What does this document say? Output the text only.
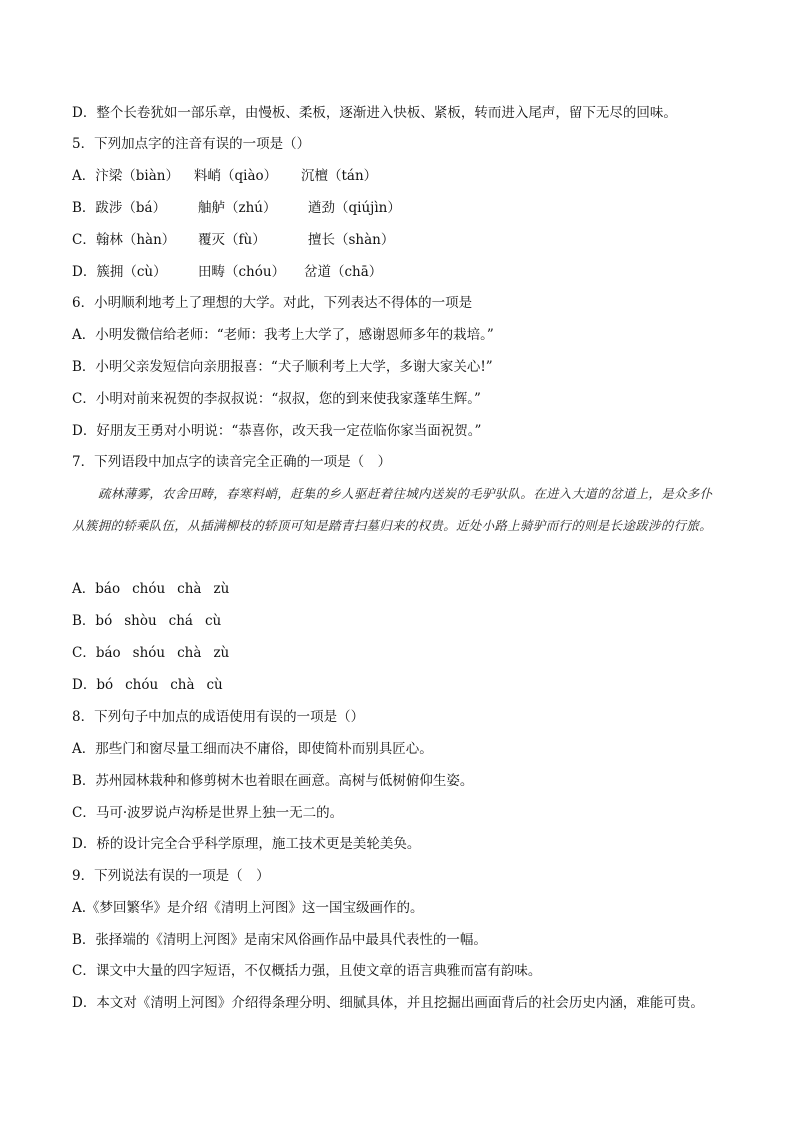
D．整个长卷犹如一部乐章，由慢板、柔板，逐渐进入快板、紧板，转而进入尾声，留下无尽的回味。
5．下列加点字的注音有误的一项是（）
A．汴梁（biàn） 料峭（qiào） 沉檀（tán）
B．跋涉（bá） 舳舻（zhú） 遒劲（qiújìn）
C．翰林（hàn） 覆灭（fù）	擅长（shàn）
D．簇拥（cù） 田畴（chóu） 岔道（chā）
6．小明顺利地考上了理想的大学。对此，下列表达不得体的一项是
A．小明发微信给老师：“老师：我考上大学了，感谢恩师多年的栽培。”
B．小明父亲发短信向亲朋报喜：“犬子顺利考上大学，多谢大家关心!”
C．小明对前来祝贺的李叔叔说：“叔叔，您的到来使我家蓬荜生辉。”
D．好朋友王勇对小明说：“恭喜你，改天我一定莅临你家当面祝贺。”
7．下列语段中加点字的读音完全正确的一项是（　）
疏林薄雾，农舍田畴，春寒料峭，赶集的乡人驱赶着往城内送炭的毛驴驮队。在进入大道的岔道上，是众多仆从簇拥的轿乘队伍，从插满柳枝的轿顶可知是踏青扫墓归来的权贵。近处小路上骑驴而行的则是长途跋涉的行旅。
A．báo chóu chà zù
B．bó shòu chá cù
C．báo shóu chà zù
D．bó chóu chà cù
8．下列句子中加点的成语使用有误的一项是（）
A．那些门和窗尽量工细而决不庸俗，即使简朴而别具匠心。
B．苏州园林栽种和修剪树木也着眼在画意。高树与低树俯仰生姿。
C．马可·波罗说卢沟桥是世界上独一无二的。
D．桥的设计完全合乎科学原理，施工技术更是美轮美奂。
9．下列说法有误的一项是（　）
A.《梦回繁华》是介绍《清明上河图》这一国宝级画作的。
B．张择端的《清明上河图》是南宋风俗画作品中最具代表性的一幅。
C．课文中大量的四字短语，不仅概括力强，且使文章的语言典雅而富有韵味。
D．本文对《清明上河图》介绍得条理分明、细腻具体，并且挖掘出画面背后的社会历史内涵，难能可贵。
